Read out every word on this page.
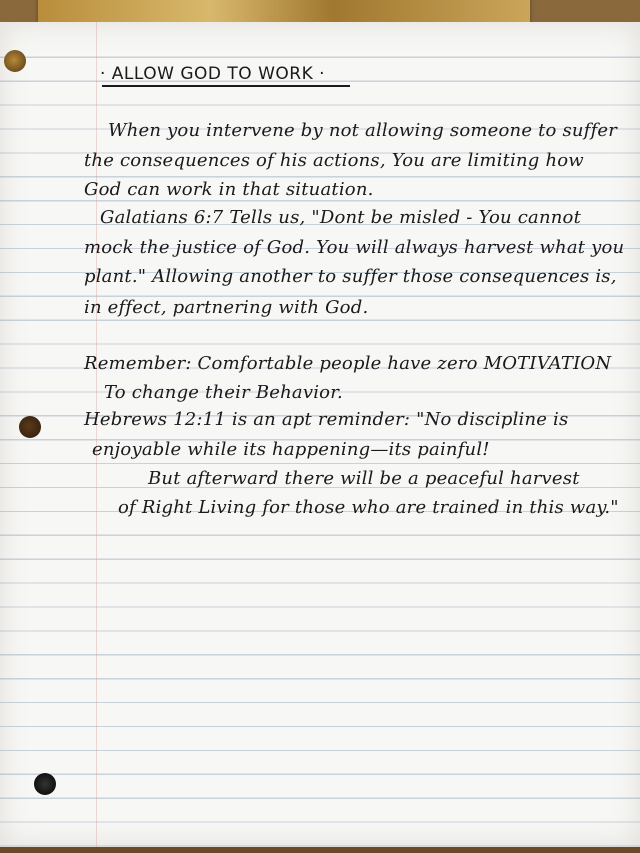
· ALLOW GOD TO WORK ·
When you intervene by not allowing someone to suffer
the consequences of his actions, You are limiting how
God can work in that situation.
Galatians 6:7 Tells us, "Dont be misled - You cannot
mock the justice of God. You will always harvest what you
plant." Allowing another to suffer those consequences is,
in effect, partnering with God.
Remember: Comfortable people have zero MOTIVATION
To change their Behavior.
Hebrews 12:11 is an apt reminder: "No discipline is
enjoyable while its happening—its painful!
But afterward there will be a peaceful harvest
of Right Living for those who are trained in this way."
